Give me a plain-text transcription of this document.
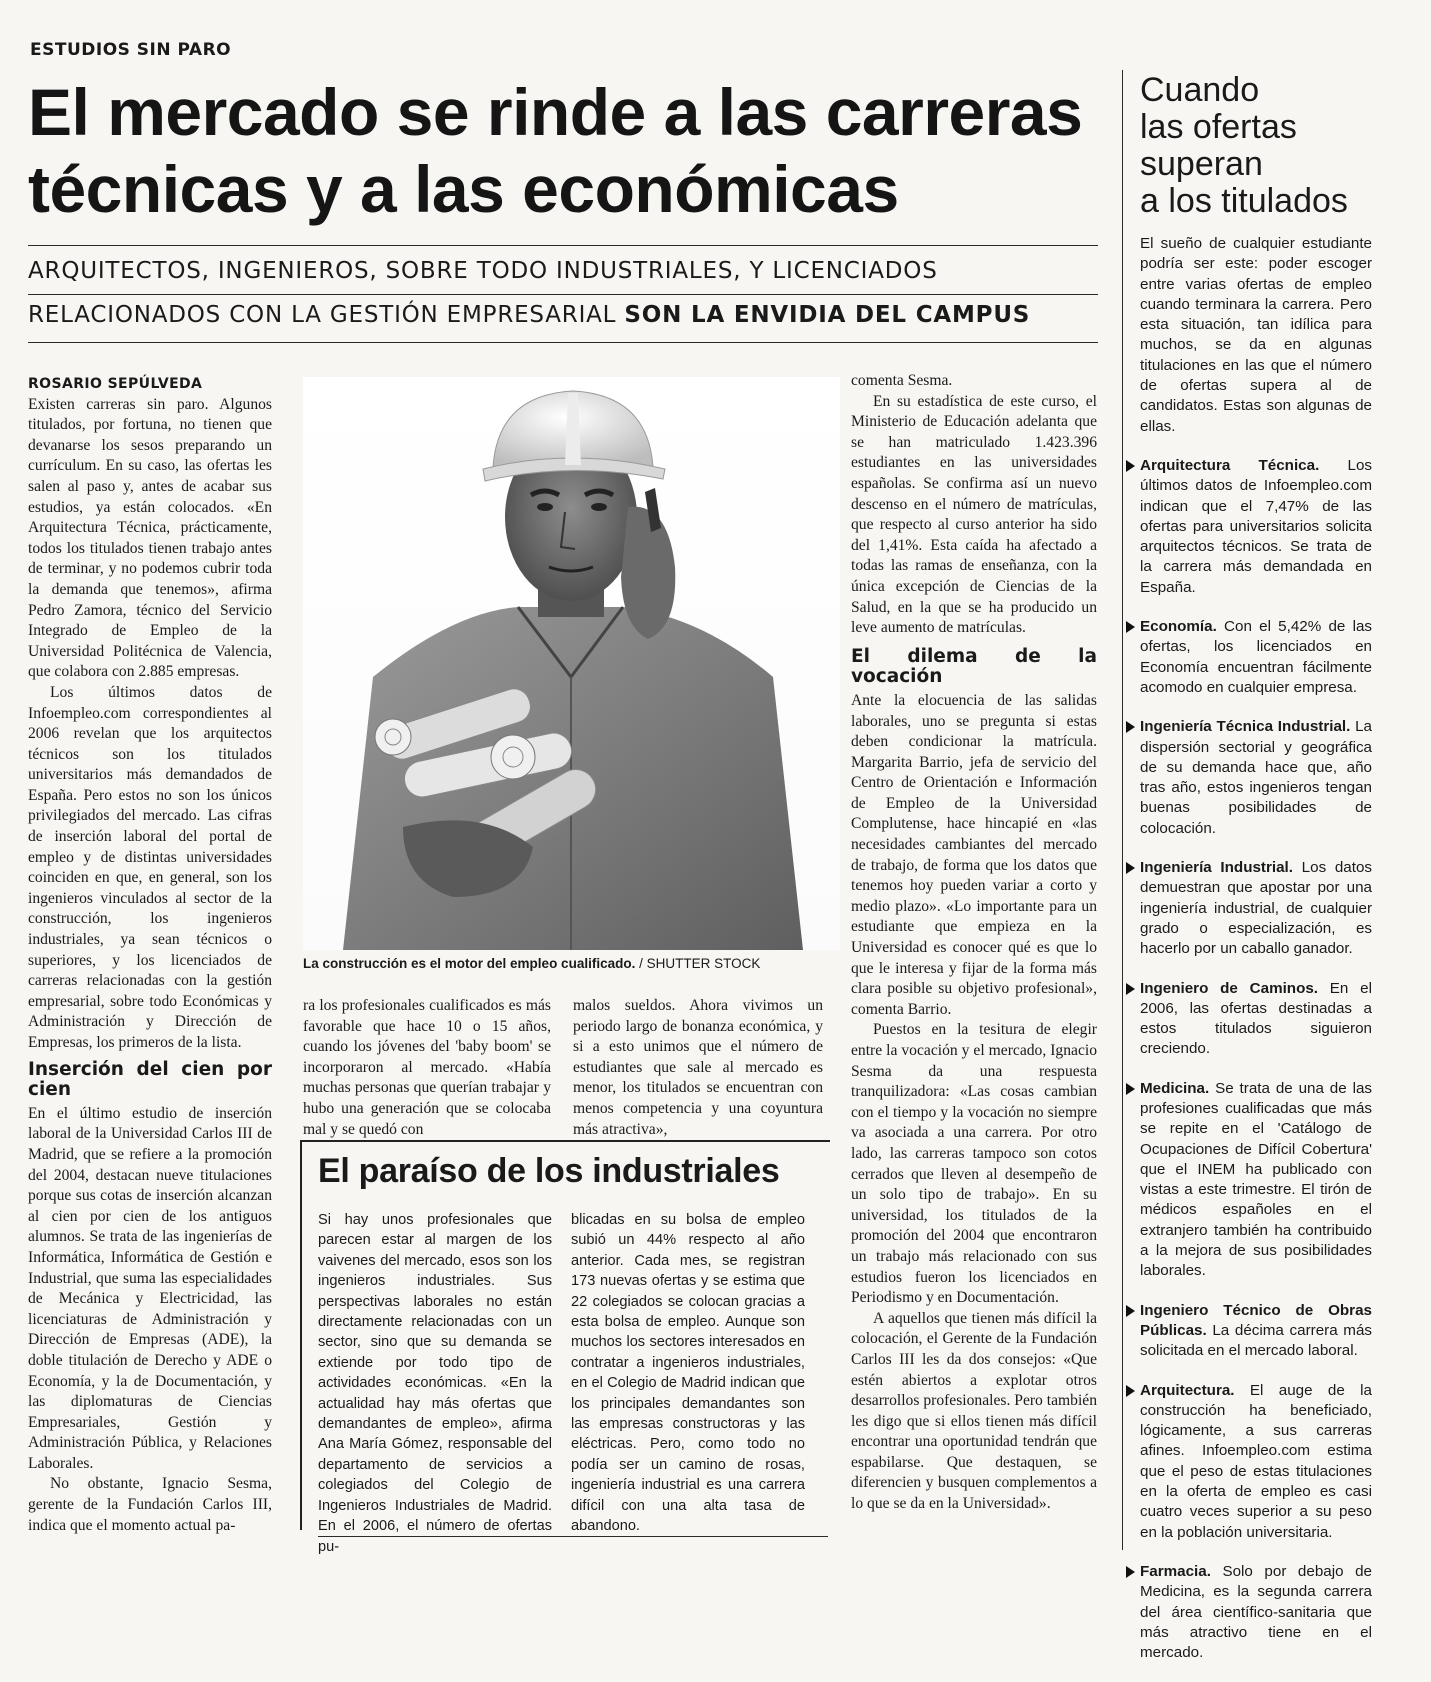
ESTUDIOS SIN PARO
El mercado se rinde a las carreras
técnicas y a las económicas
ARQUITECTOS, INGENIEROS, SOBRE TODO INDUSTRIALES, Y LICENCIADOS
RELACIONADOS CON LA GESTIÓN EMPRESARIAL SON LA ENVIDIA DEL CAMPUS
ROSARIO SEPÚLVEDA

Existen carreras sin paro. Algunos titulados, por fortuna, no tienen que devanarse los sesos preparando un currículum. En su caso, las ofertas les salen al paso y, antes de acabar sus estudios, ya están colocados. «En Arquitectura Técnica, prácticamente, todos los titulados tienen trabajo antes de terminar, y no podemos cubrir toda la demanda que tenemos», afirma Pedro Zamora, técnico del Servicio Integrado de Empleo de la Universidad Politécnica de Valencia, que colabora con 2.885 empresas.

Los últimos datos de Infoempleo.com correspondientes al 2006 revelan que los arquitectos técnicos son los titulados universitarios más demandados de España. Pero estos no son los únicos privilegiados del mercado. Las cifras de inserción laboral del portal de empleo y de distintas universidades coinciden en que, en general, son los ingenieros vinculados al sector de la construcción, los ingenieros industriales, ya sean técnicos o superiores, y los licenciados de carreras relacionadas con la gestión empresarial, sobre todo Económicas y Administración y Dirección de Empresas, los primeros de la lista.

Inserción del cien por cien

En el último estudio de inserción laboral de la Universidad Carlos III de Madrid, que se refiere a la promoción del 2004, destacan nueve titulaciones porque sus cotas de inserción alcanzan al cien por cien de los antiguos alumnos. Se trata de las ingenierías de Informática, Informática de Gestión e Industrial, que suma las especialidades de Mecánica y Electricidad, las licenciaturas de Administración y Dirección de Empresas (ADE), la doble titulación de Derecho y ADE o Economía, y la de Documentación, y las diplomaturas de Ciencias Empresariales, Gestión y Administración Pública, y Relaciones Laborales.

No obstante, Ignacio Sesma, gerente de la Fundación Carlos III, indica que el momento actual pa-

La construcción es el motor del empleo cualificado. / SHUTTER STOCK

ra los profesionales cualificados es más favorable que hace 10 o 15 años, cuando los jóvenes del 'baby boom' se incorporaron al mercado. «Había muchas personas que querían trabajar y hubo una generación que se colocaba mal y se quedó con

malos sueldos. Ahora vivimos un periodo largo de bonanza económica, y si a esto unimos que el número de estudiantes que sale al mercado es menor, los titulados se encuentran con menos competencia y una coyuntura más atractiva»,

comenta Sesma.

En su estadística de este curso, el Ministerio de Educación adelanta que se han matriculado 1.423.396 estudiantes en las universidades españolas. Se confirma así un nuevo descenso en el número de matrículas, que respecto al curso anterior ha sido del 1,41%. Esta caída ha afectado a todas las ramas de enseñanza, con la única excepción de Ciencias de la Salud, en la que se ha producido un leve aumento de matrículas.

El dilema de la vocación

Ante la elocuencia de las salidas laborales, uno se pregunta si estas deben condicionar la matrícula. Margarita Barrio, jefa de servicio del Centro de Orientación e Información de Empleo de la Universidad Complutense, hace hincapié en «las necesidades cambiantes del mercado de trabajo, de forma que los datos que tenemos hoy pueden variar a corto y medio plazo». «Lo importante para un estudiante que empieza en la Universidad es conocer qué es que lo que le interesa y fijar de la forma más clara posible su objetivo profesional», comenta Barrio.

Puestos en la tesitura de elegir entre la vocación y el mercado, Ignacio Sesma da una respuesta tranquilizadora: «Las cosas cambian con el tiempo y la vocación no siempre va asociada a una carrera. Por otro lado, las carreras tampoco son cotos cerrados que lleven al desempeño de un solo tipo de trabajo». En su universidad, los titulados de la promoción del 2004 que encontraron un trabajo más relacionado con sus estudios fueron los licenciados en Periodismo y en Documentación.

A aquellos que tienen más difícil la colocación, el Gerente de la Fundación Carlos III les da dos consejos: «Que estén abiertos a explotar otros desarrollos profesionales. Pero también les digo que si ellos tienen más difícil encontrar una oportunidad tendrán que espabilarse. Que destaquen, se diferencien y busquen complementos a lo que se da en la Universidad».

El paraíso de los industriales

Si hay unos profesionales que parecen estar al margen de los vaivenes del mercado, esos son los ingenieros industriales. Sus perspectivas laborales no están directamente relacionadas con un sector, sino que su demanda se extiende por todo tipo de actividades económicas. «En la actualidad hay más ofertas que demandantes de empleo», afirma Ana María Gómez, responsable del departamento de servicios a colegiados del Colegio de Ingenieros Industriales de Madrid. En el 2006, el número de ofertas pu-

blicadas en su bolsa de empleo subió un 44% respecto al año anterior. Cada mes, se registran 173 nuevas ofertas y se estima que 22 colegiados se colocan gracias a esta bolsa de empleo. Aunque son muchos los sectores interesados en contratar a ingenieros industriales, en el Colegio de Madrid indican que los principales demandantes son las empresas constructoras y las eléctricas. Pero, como todo no podía ser un camino de rosas, ingeniería industrial es una carrera difícil con una alta tasa de abandono.

Cuando
las ofertas
superan
a los titulados

El sueño de cualquier estudiante podría ser este: poder escoger entre varias ofertas de empleo cuando terminara la carrera. Pero esta situación, tan idílica para muchos, se da en algunas titulaciones en las que el número de ofertas supera al de candidatos. Estas son algunas de ellas.

Arquitectura Técnica. Los últimos datos de Infoempleo.com indican que el 7,47% de las ofertas para universitarios solicita arquitectos técnicos. Se trata de la carrera más demandada en España.

Economía. Con el 5,42% de las ofertas, los licenciados en Economía encuentran fácilmente acomodo en cualquier empresa.

Ingeniería Técnica Industrial. La dispersión sectorial y geográfica de su demanda hace que, año tras año, estos ingenieros tengan buenas posibilidades de colocación.

Ingeniería Industrial. Los datos demuestran que apostar por una ingeniería industrial, de cualquier grado o especialización, es hacerlo por un caballo ganador.

Ingeniero de Caminos. En el 2006, las ofertas destinadas a estos titulados siguieron creciendo.

Medicina. Se trata de una de las profesiones cualificadas que más se repite en el 'Catálogo de Ocupaciones de Difícil Cobertura' que el INEM ha publicado con vistas a este trimestre. El tirón de médicos españoles en el extranjero también ha contribuido a la mejora de sus posibilidades laborales.

Ingeniero Técnico de Obras Públicas. La décima carrera más solicitada en el mercado laboral.

Arquitectura. El auge de la construcción ha beneficiado, lógicamente, a sus carreras afines. Infoempleo.com estima que el peso de estas titulaciones en la oferta de empleo es casi cuatro veces superior a su peso en la población universitaria.

Farmacia. Solo por debajo de Medicina, es la segunda carrera del área científico-sanitaria que más atractivo tiene en el mercado.
